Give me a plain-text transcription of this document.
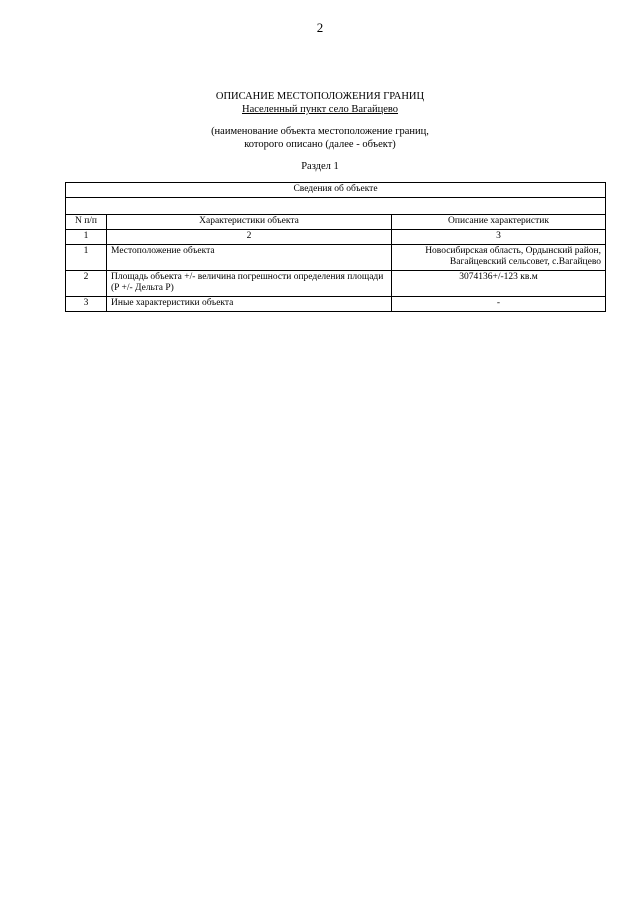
2
ОПИСАНИЕ МЕСТОПОЛОЖЕНИЯ ГРАНИЦ
Населенный пункт село Вагайцево
(наименование объекта местоположение границ,
которого описано (далее - объект)
Раздел 1
Сведения об объекте		

N п/п	Характеристики объекта	Описание характеристик
1	2	3
1	Местоположение объекта	Новосибирская область, Ордынский район,
Вагайцевский сельсовет, с.Вагайцево

2	Площадь объекта +/- величина погрешности определения площади
(P +/- Дельта P)	3074136+/-123 кв.м
3	Иные характеристики объекта	-
